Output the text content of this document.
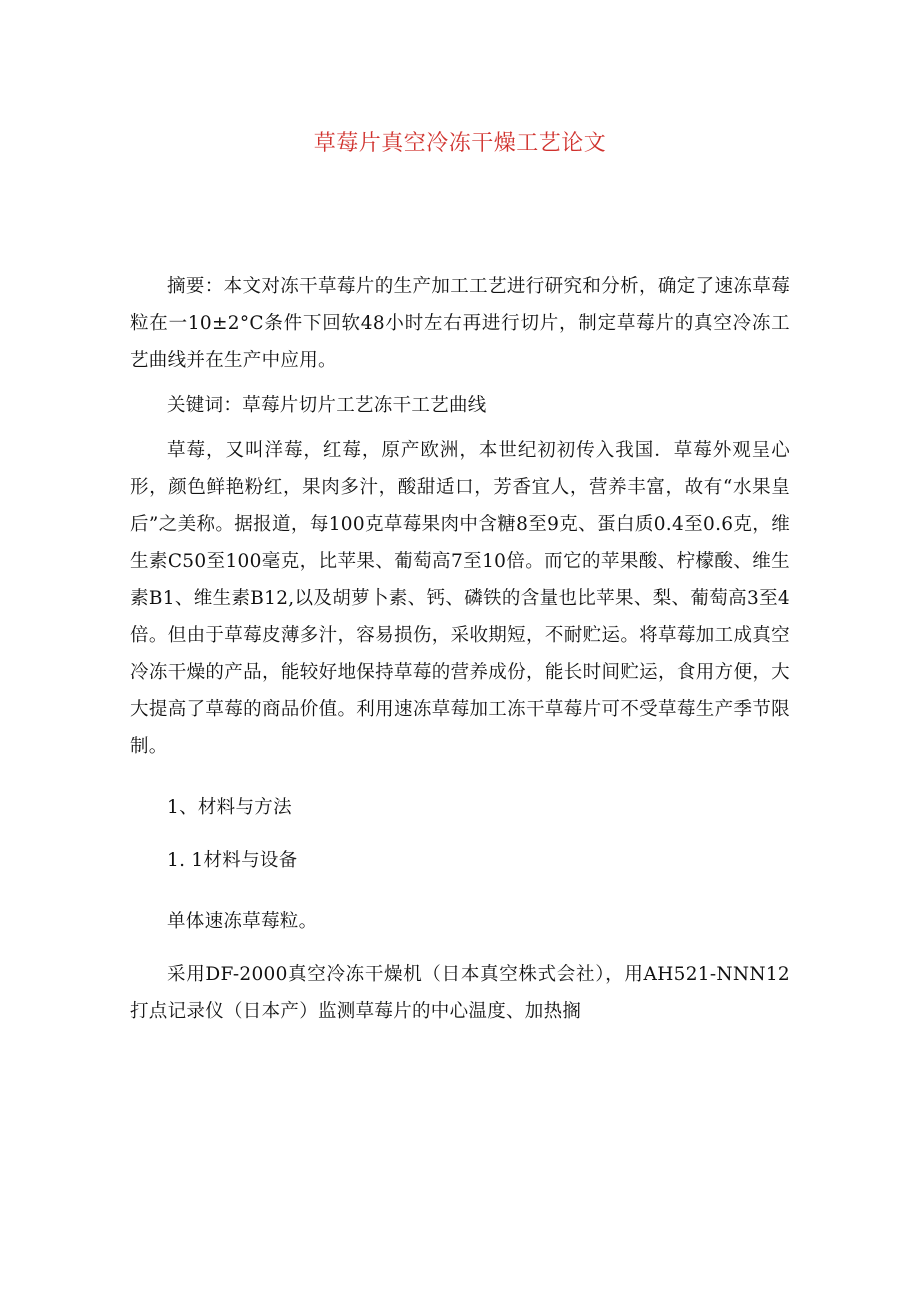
草莓片真空冷冻干燥工艺论文

摘要：本文对冻干草莓片的生产加工工艺进行研究和分析，确定了速冻草莓粒在一10±2°C条件下回软48小时左右再进行切片，制定草莓片的真空冷冻工艺曲线并在生产中应用。

关键词：草莓片切片工艺冻干工艺曲线

草莓，又叫洋莓，红莓，原产欧洲，本世纪初初传入我国．草莓外观呈心形，颜色鲜艳粉红，果肉多汁，酸甜适口，芳香宜人，营养丰富，故有“水果皇后”之美称。据报道，每100克草莓果肉中含糖8至9克、蛋白质0.4至0.6克，维生素C50至100毫克，比苹果、葡萄高7至10倍。而它的苹果酸、柠檬酸、维生素B1、维生素B12,以及胡萝卜素、钙、磷铁的含量也比苹果、梨、葡萄高3至4倍。但由于草莓皮薄多汁，容易损伤，采收期短，不耐贮运。将草莓加工成真空冷冻干燥的产品，能较好地保持草莓的营养成份，能长时间贮运，食用方便，大大提高了草莓的商品价值。利用速冻草莓加工冻干草莓片可不受草莓生产季节限制。

1、材料与方法

1. 1材料与设备

单体速冻草莓粒。

采用DF-2000真空冷冻干燥机（日本真空株式会社），用AH521-NNN12打点记录仪（日本产）监测草莓片的中心温度、加热搁
